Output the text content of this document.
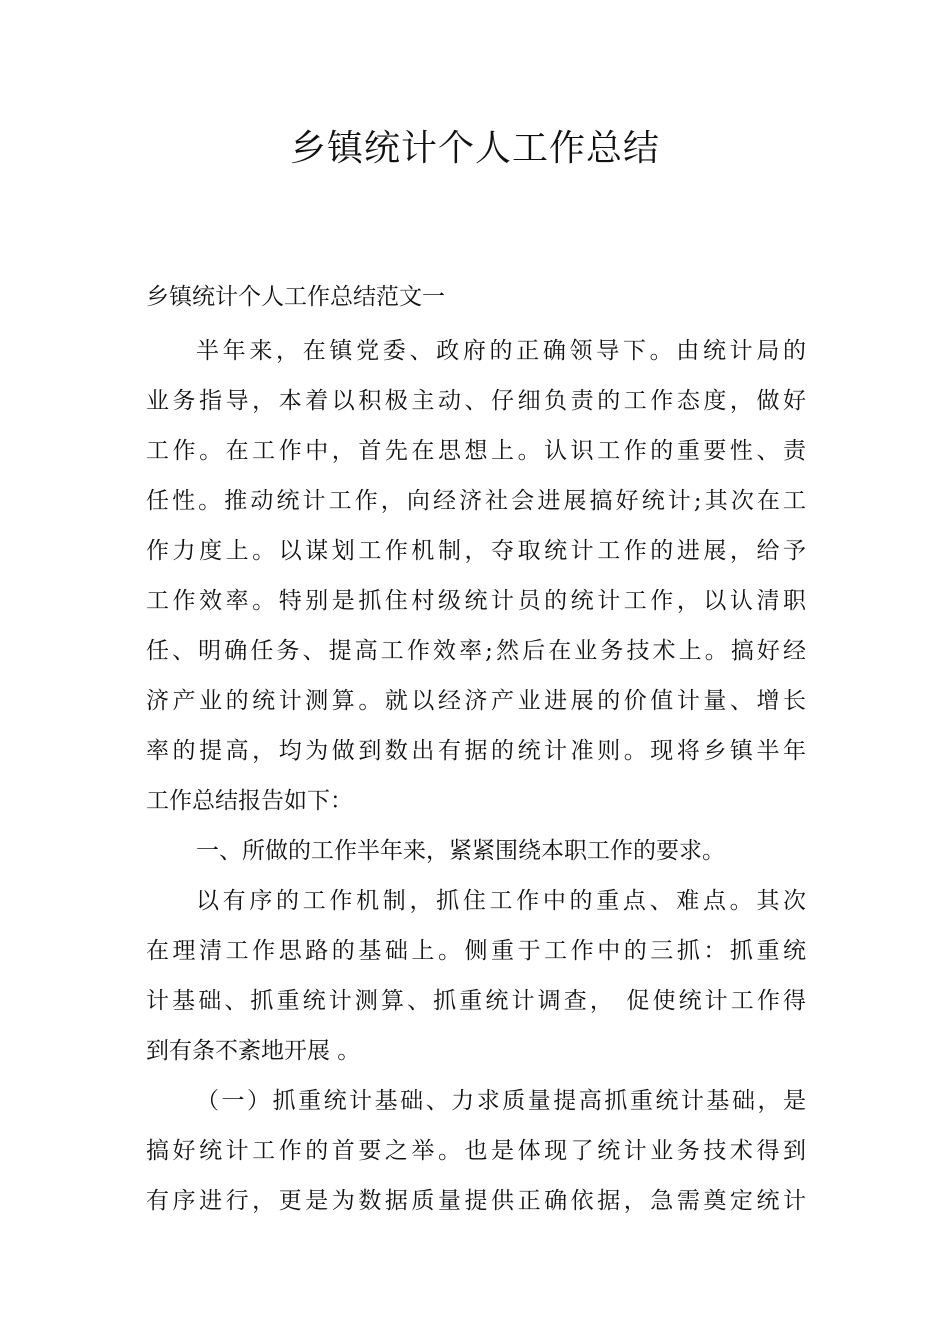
乡镇统计个人工作总结
乡镇统计个人工作总结范文一

半年来，在镇党委、政府的正确领导下。由统计局的
业务指导，本着以积极主动、仔细负责的工作态度，做好
工作。在工作中，首先在思想上。认识工作的重要性、责
任性。推动统计工作，向经济社会进展搞好统计;其次在工
作力度上。以谋划工作机制，夺取统计工作的进展，给予
工作效率。特别是抓住村级统计员的统计工作，以认清职
任、明确任务、提高工作效率;然后在业务技术上。搞好经
济产业的统计测算。就以经济产业进展的价值计量、增长
率的提高，均为做到数出有据的统计准则。现将乡镇半年
工作总结报告如下：

一、所做的工作半年来，紧紧围绕本职工作的要求。

以有序的工作机制，抓住工作中的重点、难点。其次
在理清工作思路的基础上。侧重于工作中的三抓：抓重统
计基础、抓重统计测算、抓重统计调查， 促使统计工作得
到有条不紊地开展 。

（一）抓重统计基础、力求质量提高抓重统计基础，是
搞好统计工作的首要之举。也是体现了统计业务技术得到
有序进行，更是为数据质量提供正确依据，急需奠定统计
